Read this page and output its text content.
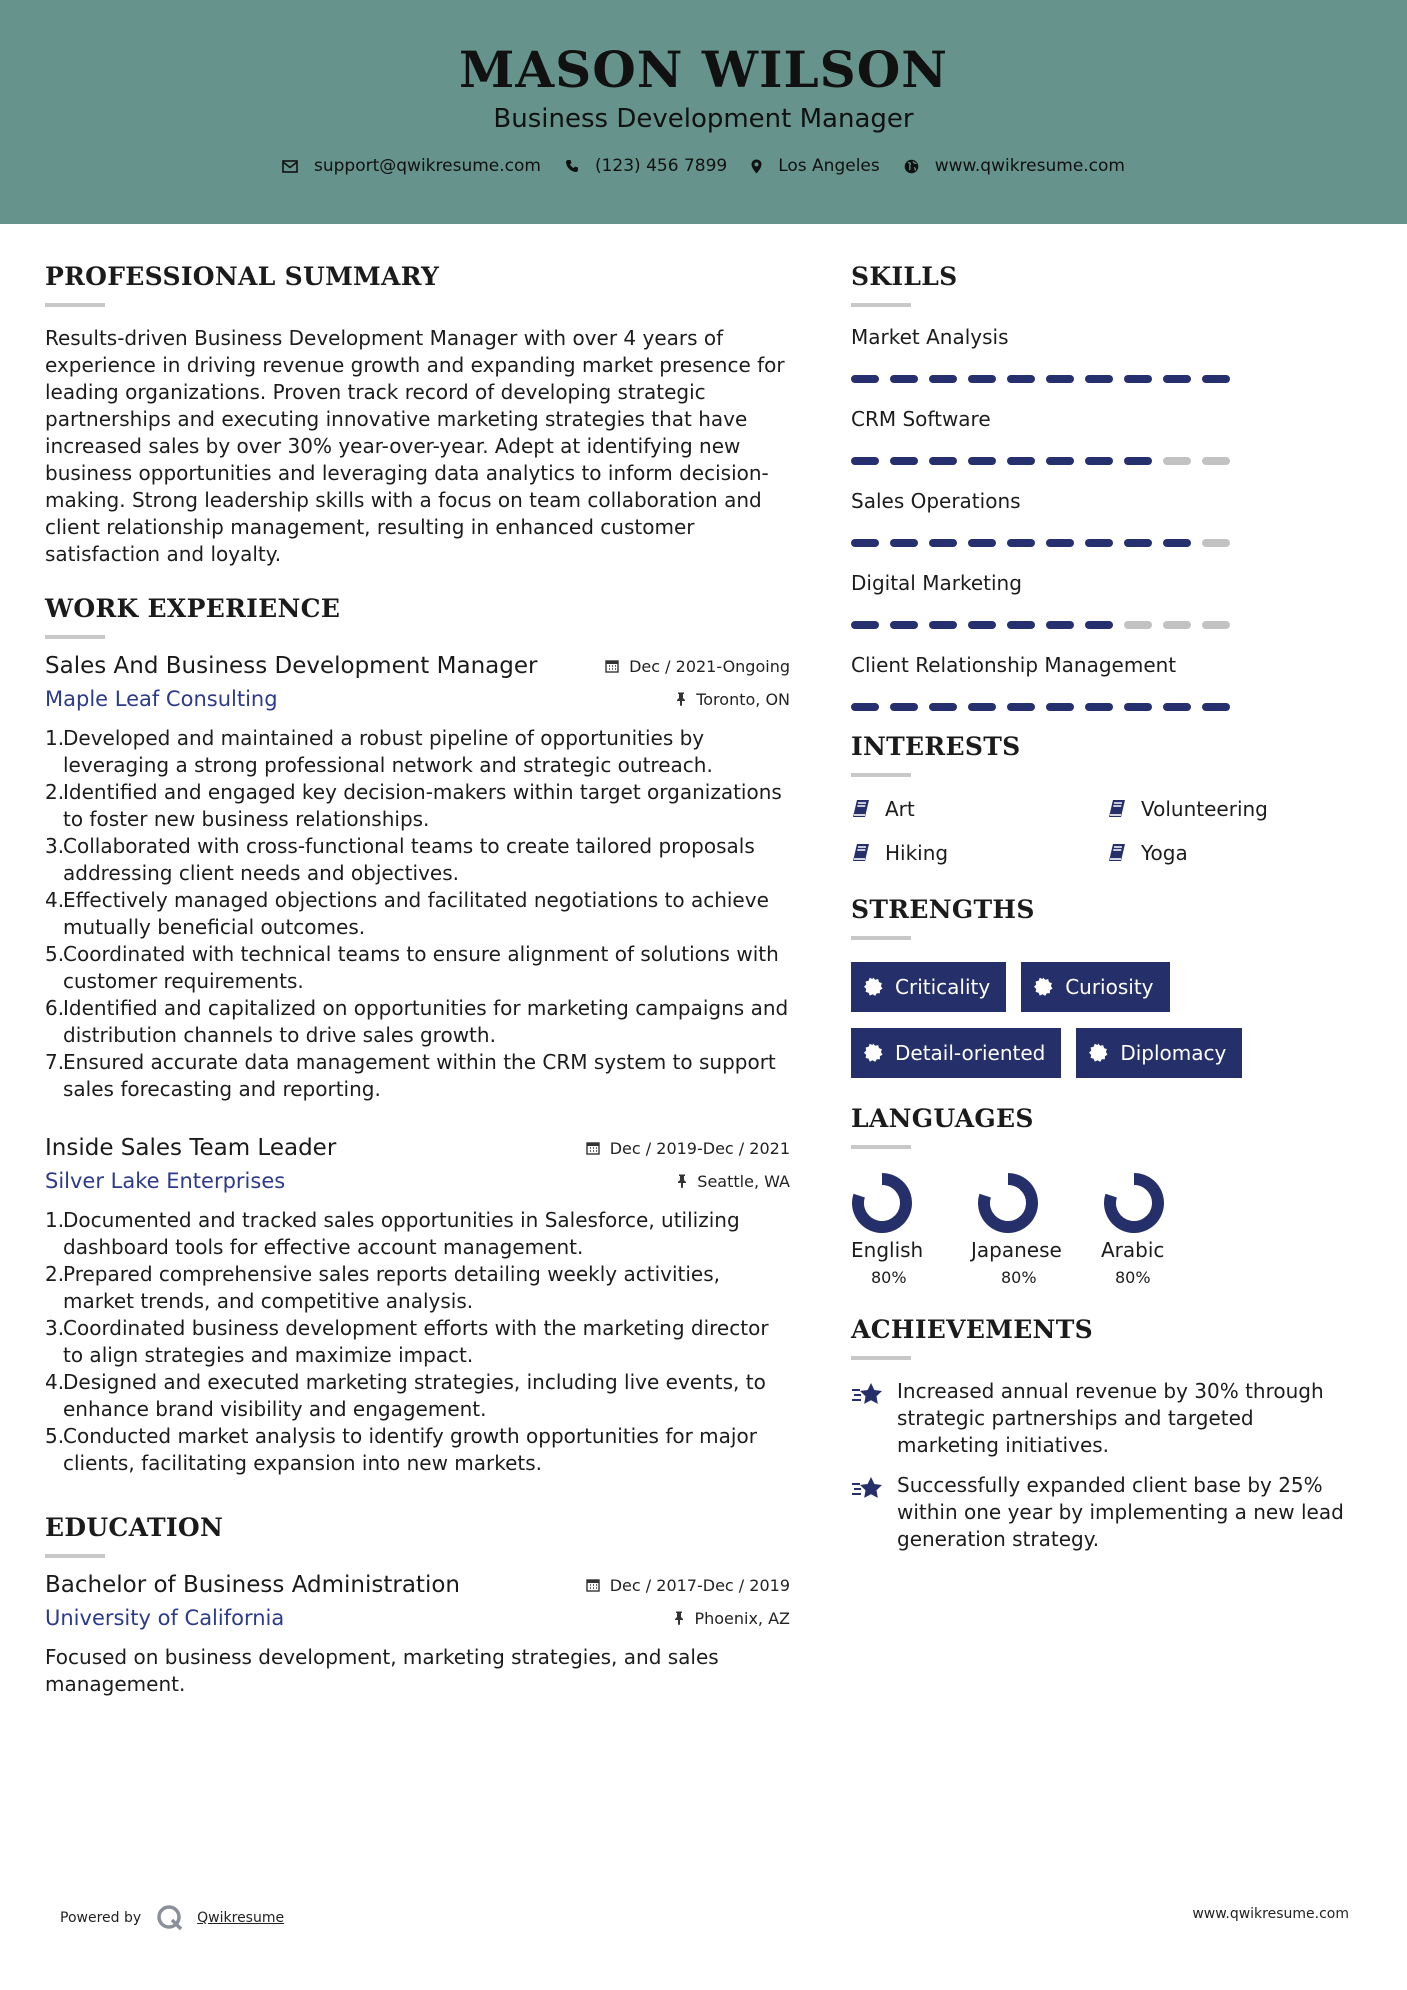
MASON WILSON
Business Development Manager
support@qwikresume.com	(123) 456 7899	Los Angeles	www.qwikresume.com
PROFESSIONAL SUMMARY
Results-driven Business Development Manager with over 4 years of experience in driving revenue growth and expanding market presence for leading organizations. Proven track record of developing strategic partnerships and executing innovative marketing strategies that have increased sales by over 30% year-over-year. Adept at identifying new business opportunities and leveraging data analytics to inform decision-making. Strong leadership skills with a focus on team collaboration and client relationship management, resulting in enhanced customer satisfaction and loyalty.
WORK EXPERIENCE
Sales And Business Development Manager	Dec / 2021-Ongoing
Maple Leaf Consulting	Toronto, ON
1.
Developed and maintained a robust pipeline of opportunities by leveraging a strong professional network and strategic outreach.
2.
Identified and engaged key decision-makers within target organizations to foster new business relationships.
3.
Collaborated with cross-functional teams to create tailored proposals addressing client needs and objectives.
4.
Effectively managed objections and facilitated negotiations to achieve mutually beneficial outcomes.
5.
Coordinated with technical teams to ensure alignment of solutions with customer requirements.
6.
Identified and capitalized on opportunities for marketing campaigns and distribution channels to drive sales growth.
7.
Ensured accurate data management within the CRM system to support sales forecasting and reporting.
Inside Sales Team Leader	Dec / 2019-Dec / 2021
Silver Lake Enterprises	Seattle, WA
1.
Documented and tracked sales opportunities in Salesforce, utilizing dashboard tools for effective account management.
2.
Prepared comprehensive sales reports detailing weekly activities, market trends, and competitive analysis.
3.
Coordinated business development efforts with the marketing director to align strategies and maximize impact.
4.
Designed and executed marketing strategies, including live events, to enhance brand visibility and engagement.
5.
Conducted market analysis to identify growth opportunities for major clients, facilitating expansion into new markets.
EDUCATION
Bachelor of Business Administration	Dec / 2017-Dec / 2019
University of California	Phoenix, AZ
Focused on business development, marketing strategies, and sales management.
SKILLS
Market Analysis
CRM Software
Sales Operations
Digital Marketing
Client Relationship Management
INTERESTS
Art	Volunteering
Hiking	Yoga
STRENGTHS
Criticality	Curiosity
Detail-oriented	Diplomacy
LANGUAGES
English
80%
Japanese
80%
Arabic
80%
ACHIEVEMENTS
Increased annual revenue by 30% through strategic partnerships and targeted marketing initiatives.
Successfully expanded client base by 25% within one year by implementing a new lead generation strategy.
Powered by	Qwikresume	www.qwikresume.com
